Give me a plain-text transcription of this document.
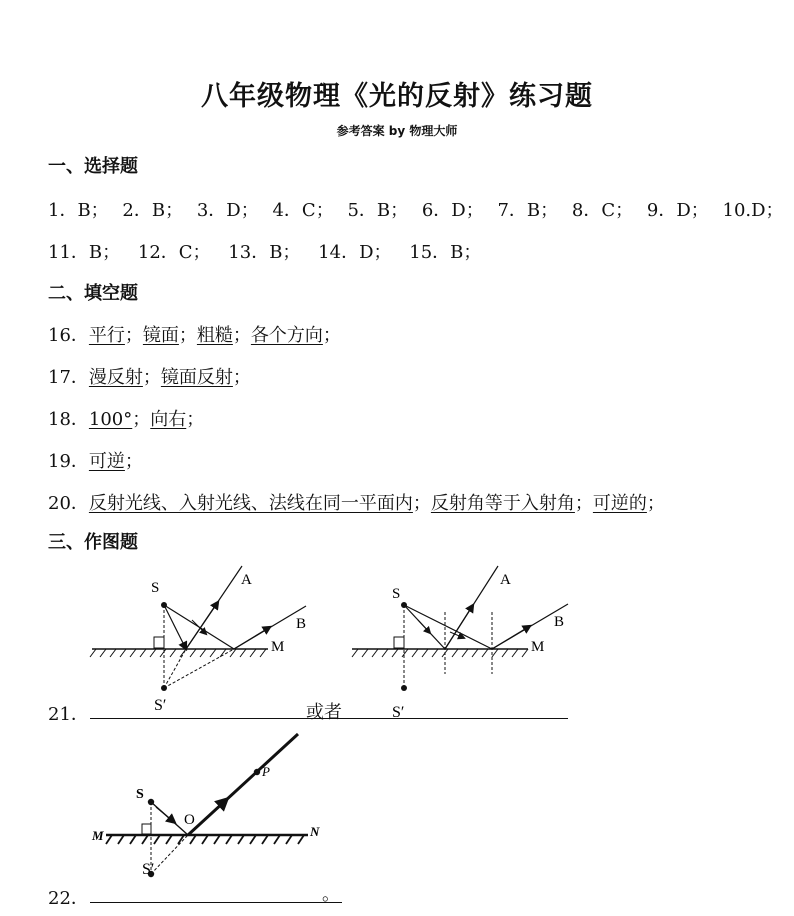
八年级物理《光的反射》练习题
参考答案 by 物理大师
一、选择题
1．B； 2．B； 3．D； 4．C； 5．B； 6．D； 7．B； 8．C； 9．D； 10.D；
11．B； 12．C； 13．B； 14．D； 15．B；
二、填空题
16．平行；镜面；粗糙；各个方向；
17．漫反射；镜面反射；
18．100°；向右；
19．可逆；
20．反射光线、入射光线、法线在同一平面内；反射角等于入射角；可逆的；
三、作图题
S	A
B
M
S′
S
A
B
M
S′
21．	或者
S
O
P
M	N
S′
22．	。
